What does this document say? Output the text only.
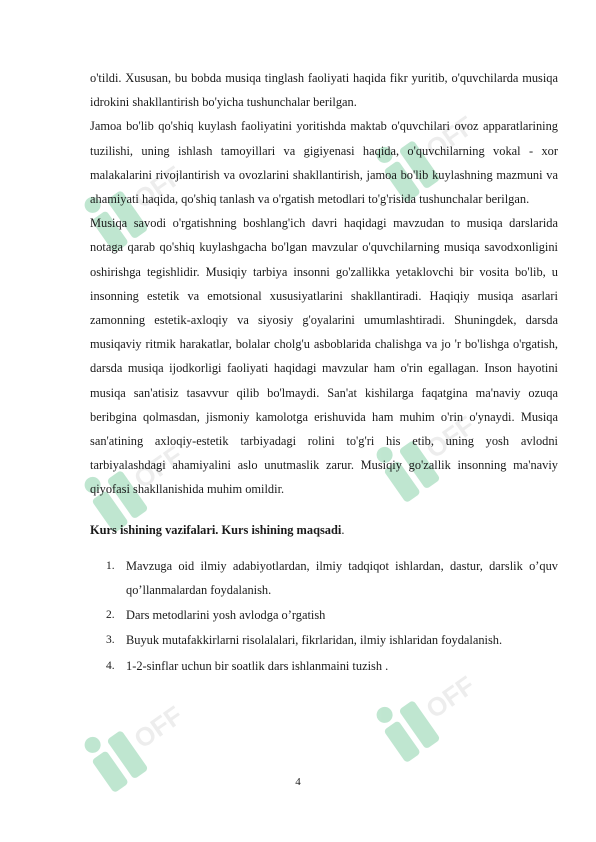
OFF
OFF
OFF
OFF
OFF
OFF

o'tildi. Xususan, bu bobda musiqa tinglash faoliyati haqida fikr yuritib, o'quvchilarda musiqa idrokini shakllantirish bo'yicha tushunchalar berilgan.

Jamoa bo'lib qo'shiq kuylash faoliyatini yoritishda maktab o'quvchilari ovoz apparatlarining tuzilishi, uning ishlash tamoyillari va gigiyenasi haqida, o'quvchilarning vokal - xor malakalarini rivojlantirish va ovozlarini shakllantirish, jamoa bo'lib kuylashning mazmuni va ahamiyati haqida, qo'shiq tanlash va o'rgatish metodlari to'g'risida tushunchalar berilgan.

Musiqa savodi o'rgatishning boshlang'ich davri haqidagi mavzudan to musiqa darslarida notaga qarab qo'shiq kuylashgacha bo'lgan mavzular o'quvchilarning musiqa savodxonligini oshirishga tegishlidir. Musiqiy tarbiya insonni go'zallikka yetaklovchi bir vosita bo'lib, u insonning estetik va emotsional xususiyatlarini shakllantiradi. Haqiqiy musiqa asarlari zamonning estetik-axloqiy va siyosiy g'oyalarini umumlashtiradi. Shuningdek, darsda musiqaviy ritmik harakatlar, bolalar cholg'u asboblarida chalishga va jo 'r bo'lishga o'rgatish, darsda musiqa ijodkorligi faoliyati haqidagi mavzular ham o'rin egallagan. Inson hayotini musiqa san'atisiz tasavvur qilib bo'lmaydi. San'at kishilarga faqatgina ma'naviy ozuqa beribgina qolmasdan, jismoniy kamolotga erishuvida ham muhim o'rin o'ynaydi. Musiqa san'atining axloqiy-estetik tarbiyadagi rolini to'g'ri his etib, uning yosh avlodni tarbiyalashdagi ahamiyalini aslo unutmaslik zarur. Musiqiy go'zallik insonning ma'naviy qiyofasi shakllanishida muhim omildir.

Kurs ishining vazifalari. Kurs ishining maqsadi.

1. Mavzuga oid ilmiy adabiyotlardan, ilmiy tadqiqot ishlardan, dastur, darslik o’quv qo’llanmalardan foydalanish.
2. Dars metodlarini yosh avlodga o’rgatish
3. Buyuk mutafakkirlarni risolalalari, fikrlaridan, ilmiy ishlaridan foydalanish.
4. 1-2-sinflar uchun bir soatlik dars ishlanmaini tuzish .
4
